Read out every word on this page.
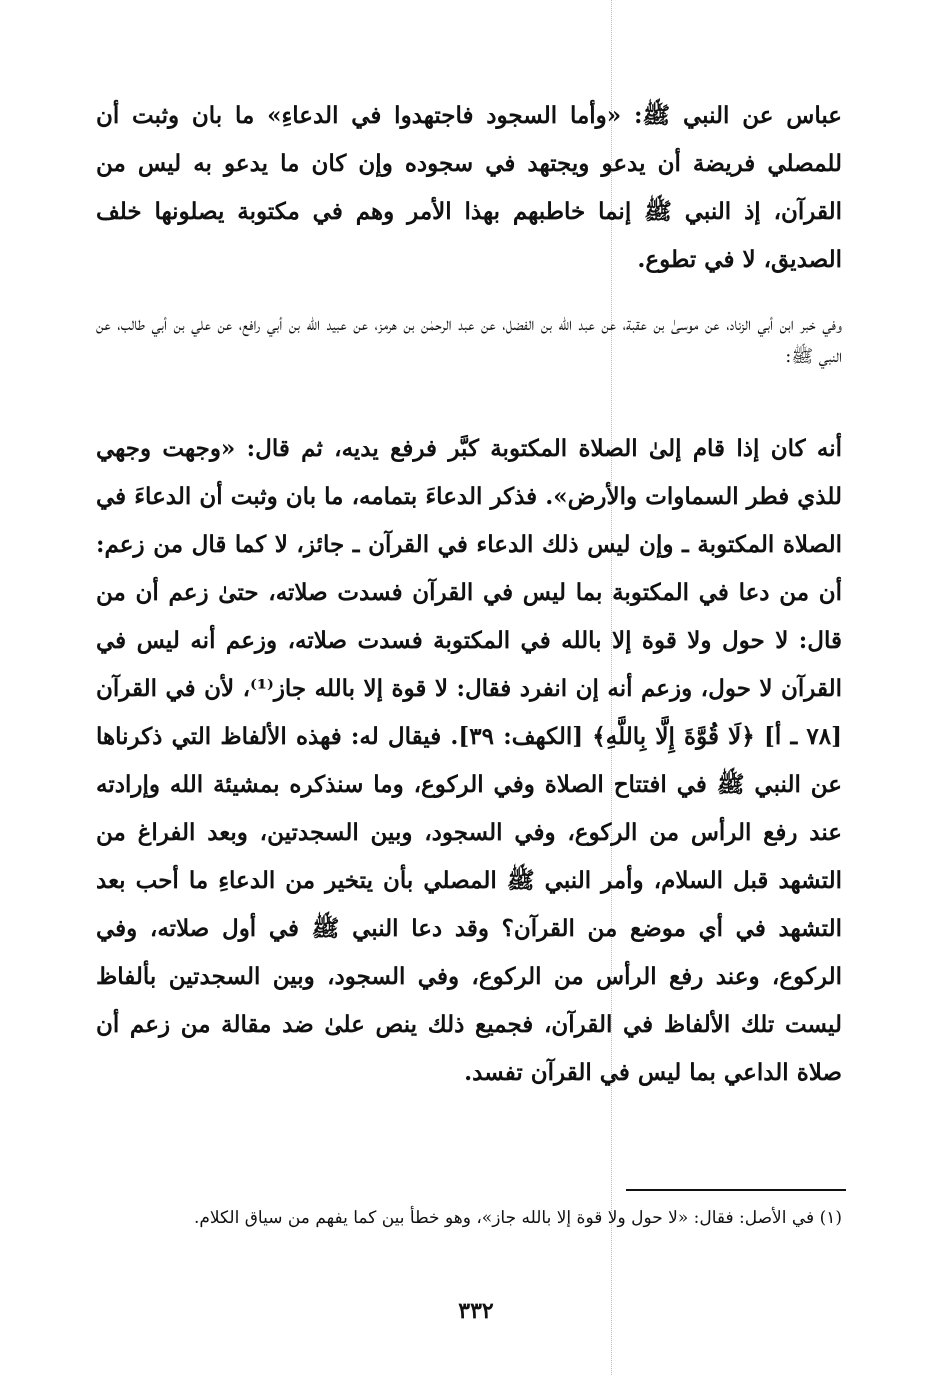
عباس عن النبي ﷺ: «وأما السجود فاجتهدوا في الدعاءِ» ما بان وثبت أن للمصلي فريضة أن يدعو ويجتهد في سجوده وإن كان ما يدعو به ليس من القرآن، إذ النبي ﷺ إنما خاطبهم بهذا الأمر وهم في مكتوبة يصلونها خلف الصديق، لا في تطوع.

وفي خبر ابن أبي الزناد، عن موسىٰ بن عقبة، عن عبد الله بن الفضل، عن عبد الرحمٰن بن هرمز، عن عبيد الله بن أبي رافع، عن علي بن أبي طالب، عن النبي ﷺ:

أنه كان إذا قام إلىٰ الصلاة المكتوبة كبَّر فرفع يديه، ثم قال: «وجهت وجهي للذي فطر السماوات والأرض». فذكر الدعاءَ بتمامه، ما بان وثبت أن الدعاءَ في الصلاة المكتوبة ـ وإن ليس ذلك الدعاء في القرآن ـ جائز، لا كما قال من زعم: أن من دعا في المكتوبة بما ليس في القرآن فسدت صلاته، حتىٰ زعم أن من قال: لا حول ولا قوة إلا بالله في المكتوبة فسدت صلاته، وزعم أنه ليس في القرآن لا حول، وزعم أنه إن انفرد فقال: لا قوة إلا بالله جاز⁽¹⁾، لأن في القرآن [٧٨ ـ أ] ﴿لَا قُوَّةَ إِلَّا بِاللَّهِ﴾ [الكهف: ٣٩]. فيقال له: فهذه الألفاظ التي ذكرناها عن النبي ﷺ في افتتاح الصلاة وفي الركوع، وما سنذكره بمشيئة الله وإرادته عند رفع الرأس من الركوع، وفي السجود، وبين السجدتين، وبعد الفراغ من التشهد قبل السلام، وأمر النبي ﷺ المصلي بأن يتخير من الدعاءِ ما أحب بعد التشهد في أي موضع من القرآن؟ وقد دعا النبي ﷺ في أول صلاته، وفي الركوع، وعند رفع الرأس من الركوع، وفي السجود، وبين السجدتين بألفاظ ليست تلك الألفاظ في القرآن، فجميع ذلك ينص علىٰ ضد مقالة من زعم أن صلاة الداعي بما ليس في القرآن تفسد.

(١) في الأصل: فقال: «لا حول ولا قوة إلا بالله جاز»، وهو خطأ بين كما يفهم من سياق الكلام.

٣٣٢
